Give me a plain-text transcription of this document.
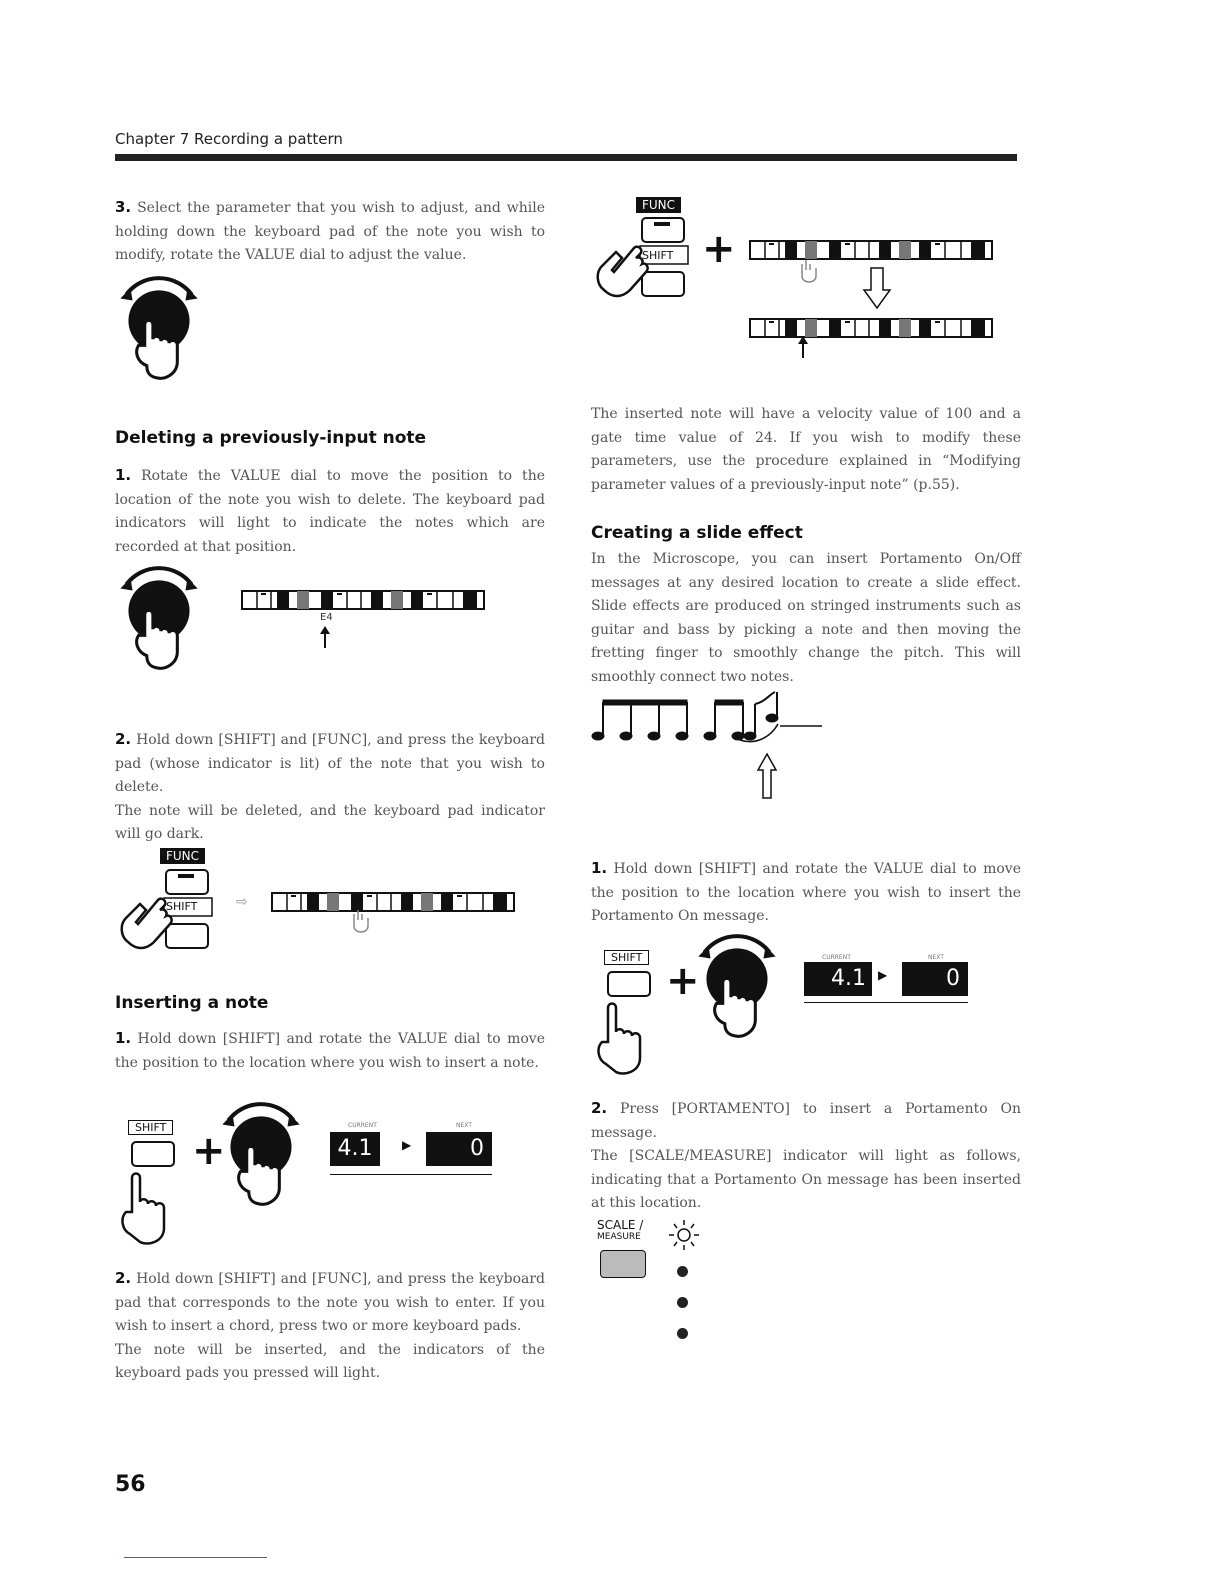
Chapter 7 Recording a pattern

3. Select the parameter that you wish to adjust, and while holding down the keyboard pad of the note you wish to modify, rotate the VALUE dial to adjust the value.

Deleting a previously-input note

1. Rotate the VALUE dial to move the position to the location of the note you wish to delete. The keyboard pad indicators will light to indicate the notes which are recorded at that position.

E4

2. Hold down [SHIFT] and [FUNC], and press the keyboard pad (whose indicator is lit) of the note that you wish to delete.

The note will be deleted, and the keyboard pad indicator will go dark.

FUNC
SHIFT	⇨
Inserting a note

1. Hold down [SHIFT] and rotate the VALUE dial to move the position to the location where you wish to insert a note.

SHIFT
+
CURRENT	NEXT
4.1	▶	0

2. Hold down [SHIFT] and [FUNC], and press the keyboard pad that corresponds to the note you wish to enter. If you wish to insert a chord, press two or more keyboard pads.

The note will be inserted, and the indicators of the keyboard pads you pressed will light.

FUNC
SHIFT +

The inserted note will have a velocity value of 100 and a gate time value of 24. If you wish to modify these parameters, use the procedure explained in “Modifying parameter values of a previously-input note” (p.55).

Creating a slide effect

In the Microscope, you can insert Portamento On/Off messages at any desired location to create a slide effect. Slide effects are produced on stringed instruments such as guitar and bass by picking a note and then moving the fretting finger to smoothly change the pitch. This will smoothly connect two notes.

1. Hold down [SHIFT] and rotate the VALUE dial to move the position to the location where you wish to insert the Portamento On message.

SHIFT
+
CURRENT	NEXT
4.1	▶	0

2. Press [PORTAMENTO] to insert a Portamento On message.

The [SCALE/MEASURE] indicator will light as follows, indicating that a Portamento On message has been inserted at this location.

SCALE /
MEASURE
56
